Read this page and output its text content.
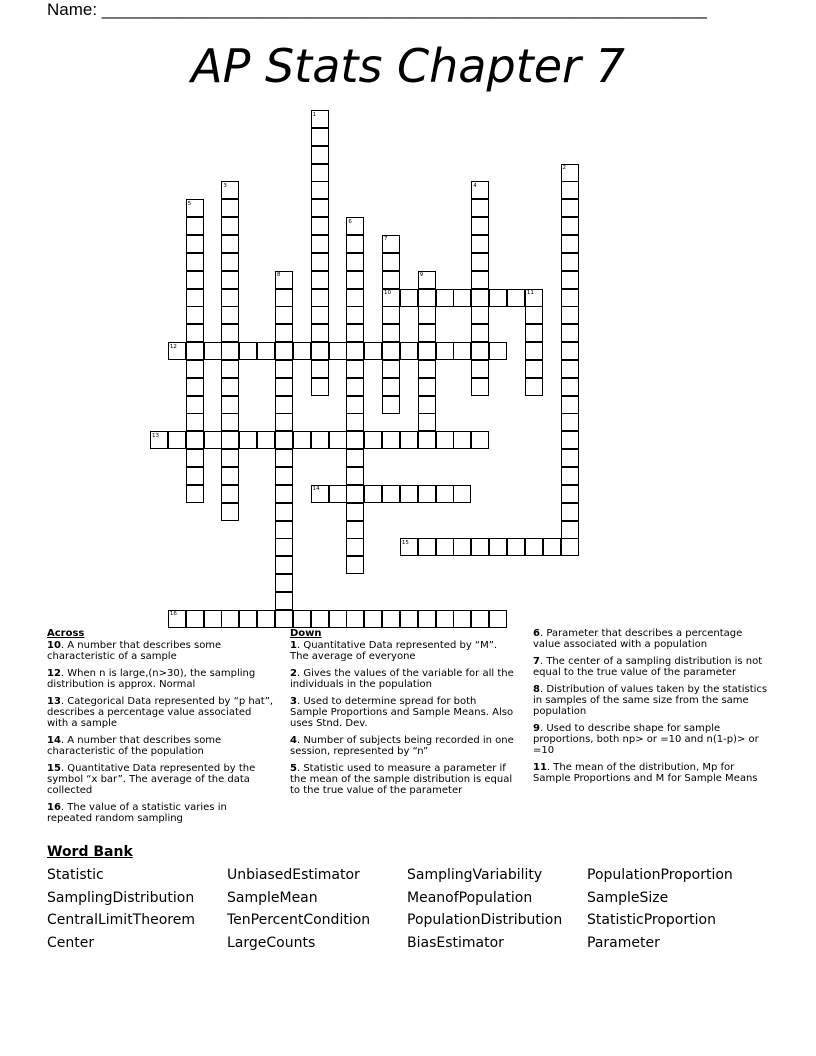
Name: ________________________________________________________________
AP Stats Chapter 7
1
2
3	4
5
6
7
8	9
10	11
12
13
14
15
16
Across
10. A number that describes some characteristic of a sample
12. When n is large,(n>30), the sampling distribution is approx. Normal
13. Categorical Data represented by “p hat”, describes a percentage value associated with a sample
14. A number that describes some characteristic of the population
15. Quantitative Data represented by the symbol “x bar”. The average of the data collected
16. The value of a statistic varies in repeated random sampling
Down
1. Quantitative Data represented by “M”. The average of everyone
2. Gives the values of the variable for all the individuals in the population
3. Used to determine spread for both Sample Proportions and Sample Means. Also uses Stnd. Dev.
4. Number of subjects being recorded in one session, represented by “n”
5. Statistic used to measure a parameter if the mean of the sample distribution is equal to the true value of the parameter
6. Parameter that describes a percentage value associated with a population
7. The center of a sampling distribution is not equal to the true value of the parameter
8. Distribution of values taken by the statistics in samples of the same size from the same population
9. Used to describe shape for sample proportions, both np> or =10 and n(1-p)> or =10
11. The mean of the distribution, Mp for Sample Proportions and M for Sample Means
Word Bank
Statistic	UnbiasedEstimator	SamplingVariability	PopulationProportion
SamplingDistribution	SampleMean	MeanofPopulation	SampleSize
CentralLimitTheorem	TenPercentCondition	PopulationDistribution	StatisticProportion
Center	LargeCounts	BiasEstimator	Parameter
